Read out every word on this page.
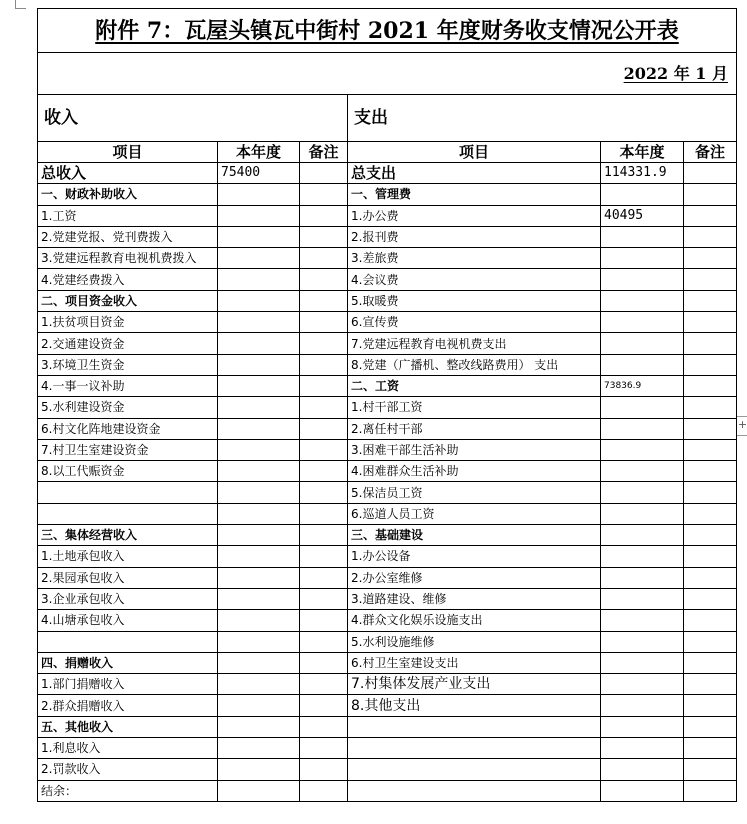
+
附件 7：瓦屋头镇瓦中街村 2021 年度财务收支情况公开表					
2022 年 1 月					
收入			支出		
项目	本年度	备注	项目	本年度	备注
总收入	75400		总支出	114331.9	
一、财政补助收入			一、管理费		
1.工资			1.办公费	40495	
2.党建党报、党刊费拨入			2.报刊费		
3.党建远程教育电视机费拨入			3.差旅费		
4.党建经费拨入			4.会议费		
二、项目资金收入			5.取暖费		
1.扶贫项目资金			6.宣传费		
2.交通建设资金			7.党建远程教育电视机费支出		
3.环境卫生资金			8.党建（广播机、整改线路费用） 支出		
4.一事一议补助			二、工资	73836.9	
5.水利建设资金			1.村干部工资		
6.村文化阵地建设资金			2.离任村干部		
7.村卫生室建设资金			3.困难干部生活补助		
8.以工代赈资金			4.困难群众生活补助		
			5.保洁员工资		
			6.巡道人员工资		
三、集体经营收入			三、基础建设		
1.土地承包收入			1.办公设备		
2.果园承包收入			2.办公室维修		
3.企业承包收入			3.道路建设、维修		
4.山塘承包收入			4.群众文化娱乐设施支出		
			5.水利设施维修		
四、捐赠收入			6.村卫生室建设支出		
1.部门捐赠收入			7.村集体发展产业支出		
2.群众捐赠收入			8.其他支出		
五、其他收入					
1.利息收入					
2.罚款收入					
结余：					
